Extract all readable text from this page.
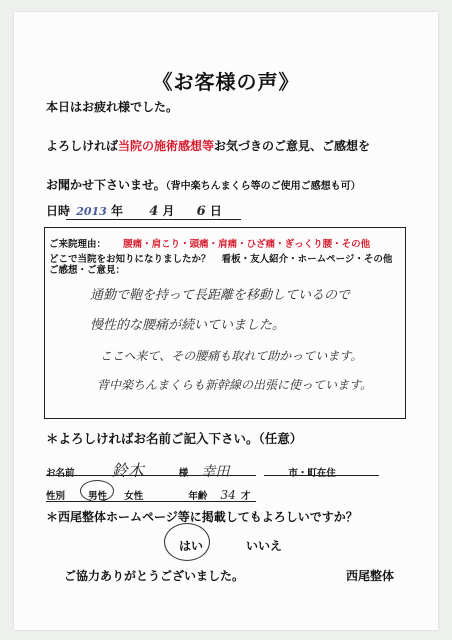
《お客様の声》
本日はお疲れ様でした。
よろしければ当院の施術感想等お気づきのご意見、ご感想を
お聞かせ下さいませ。（背中楽ちんまくら等のご使用ご感想も可）
日時 2013 年 4 月 6 日
ご来院理由： 腰痛・肩こり・頭痛・肩痛・ひざ痛・ぎっくり腰・その他
どこで当院をお知りになりましたか？ 看板・友人紹介・ホームページ・その他
ご感想・ご意見：
通勤で鞄を持って長距離を移動しているので
慢性的な腰痛が続いていました。
ここへ来て、その腰痛も取れて助かっています。
背中楽ちんまくらも新幹線の出張に使っています。
＊よろしければお名前ご記入下さい。（任意）
お名前 鈴木	様 幸田	市・町在住
性別 男性 女性	年齢 34 才
＊西尾整体ホームページ等に掲載してもよろしいですか？
はい	いいえ
ご協力ありがとうございました。	西尾整体
